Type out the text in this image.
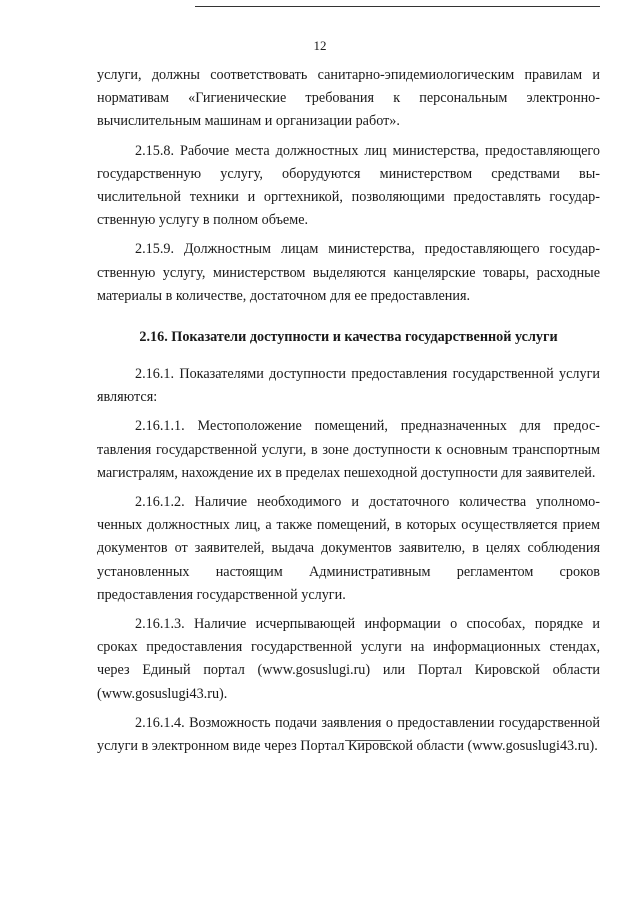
12

услуги, должны соответствовать санитарно-эпидемиологическим правилам и нормативам «Гигиенические требования к персональным электронно-вычислительным машинам и организации работ».

2.15.8. Рабочие места должностных лиц министерства, предоставляющего государственную услугу, оборудуются министерством средствами вычислительной техники и оргтехникой, позволяющими предоставлять государственную услугу в полном объеме.

2.15.9. Должностным лицам министерства, предоставляющего государственную услугу, министерством выделяются канцелярские товары, расходные материалы в количестве, достаточном для ее предоставления.

2.16. Показатели доступности и качества государственной услуги

2.16.1. Показателями доступности предоставления государственной услуги являются:

2.16.1.1. Местоположение помещений, предназначенных для предоставления государственной услуги, в зоне доступности к основным транспортным магистралям, нахождение их в пределах пешеходной доступности для заявителей.

2.16.1.2. Наличие необходимого и достаточного количества уполномоченных должностных лиц, а также помещений, в которых осуществляется прием документов от заявителей, выдача документов заявителю, в целях соблюдения установленных настоящим Административным регламентом сроков предоставления государственной услуги.

2.16.1.3. Наличие исчерпывающей информации о способах, порядке и сроках предоставления государственной услуги на информационных стендах, через Единый портал (www.gosuslugi.ru) или Портал Кировской области (www.gosuslugi43.ru).

2.16.1.4. Возможность подачи заявления о предоставлении государственной услуги в электронном виде через Портал Кировской области (www.gosuslugi43.ru).
